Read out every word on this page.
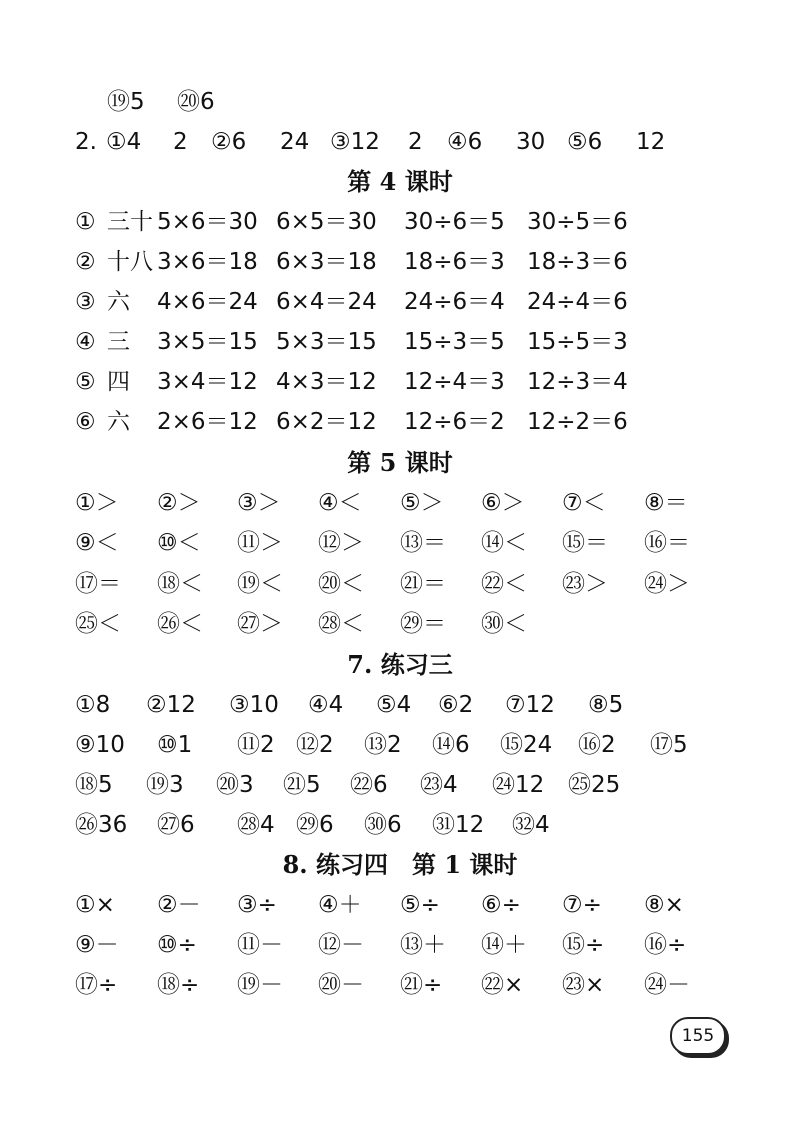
第 4 课时
第 5 课时
7. 练习三
8. 练习四　第 1 课时
⑲5 ⑳6
2. ①4 2 ②6 24 ③12 2 ④6 30 ⑤6 12
① 三十 5×6＝30 6×5＝30 30÷6＝5 30÷5＝6
② 十八 3×6＝18 6×3＝18 18÷6＝3 18÷3＝6
③ 六 4×6＝24 6×4＝24 24÷6＝4 24÷4＝6
④ 三 3×5＝15 5×3＝15 15÷3＝5 15÷5＝3
⑤ 四 3×4＝12 4×3＝12 12÷4＝3 12÷3＝4
⑥ 六 2×6＝12 6×2＝12 12÷6＝2 12÷2＝6
①＞ ②＞ ③＞ ④＜ ⑤＞ ⑥＞ ⑦＜ ⑧＝
⑨＜ ⑩＜ ⑪＞ ⑫＞ ⑬＝ ⑭＜ ⑮＝ ⑯＝
⑰＝ ⑱＜ ⑲＜ ⑳＜ ㉑＝ ㉒＜ ㉓＞ ㉔＞
㉕＜ ㉖＜ ㉗＞ ㉘＜ ㉙＝ ㉚＜
①8 ②12 ③10 ④4 ⑤4 ⑥2 ⑦12 ⑧5
⑨10 ⑩1 ⑪2 ⑫2 ⑬2 ⑭6 ⑮24 ⑯2 ⑰5
⑱5 ⑲3 ⑳3 ㉑5 ㉒6 ㉓4 ㉔12 ㉕25
㉖36 ㉗6 ㉘4 ㉙6 ㉚6 ㉛12 ㉜4
①× ②－ ③÷ ④＋ ⑤÷ ⑥÷ ⑦÷ ⑧×
⑨－ ⑩÷ ⑪－ ⑫－ ⑬＋ ⑭＋ ⑮÷ ⑯÷
⑰÷ ⑱÷ ⑲－ ⑳－ ㉑÷ ㉒× ㉓× ㉔－
155
